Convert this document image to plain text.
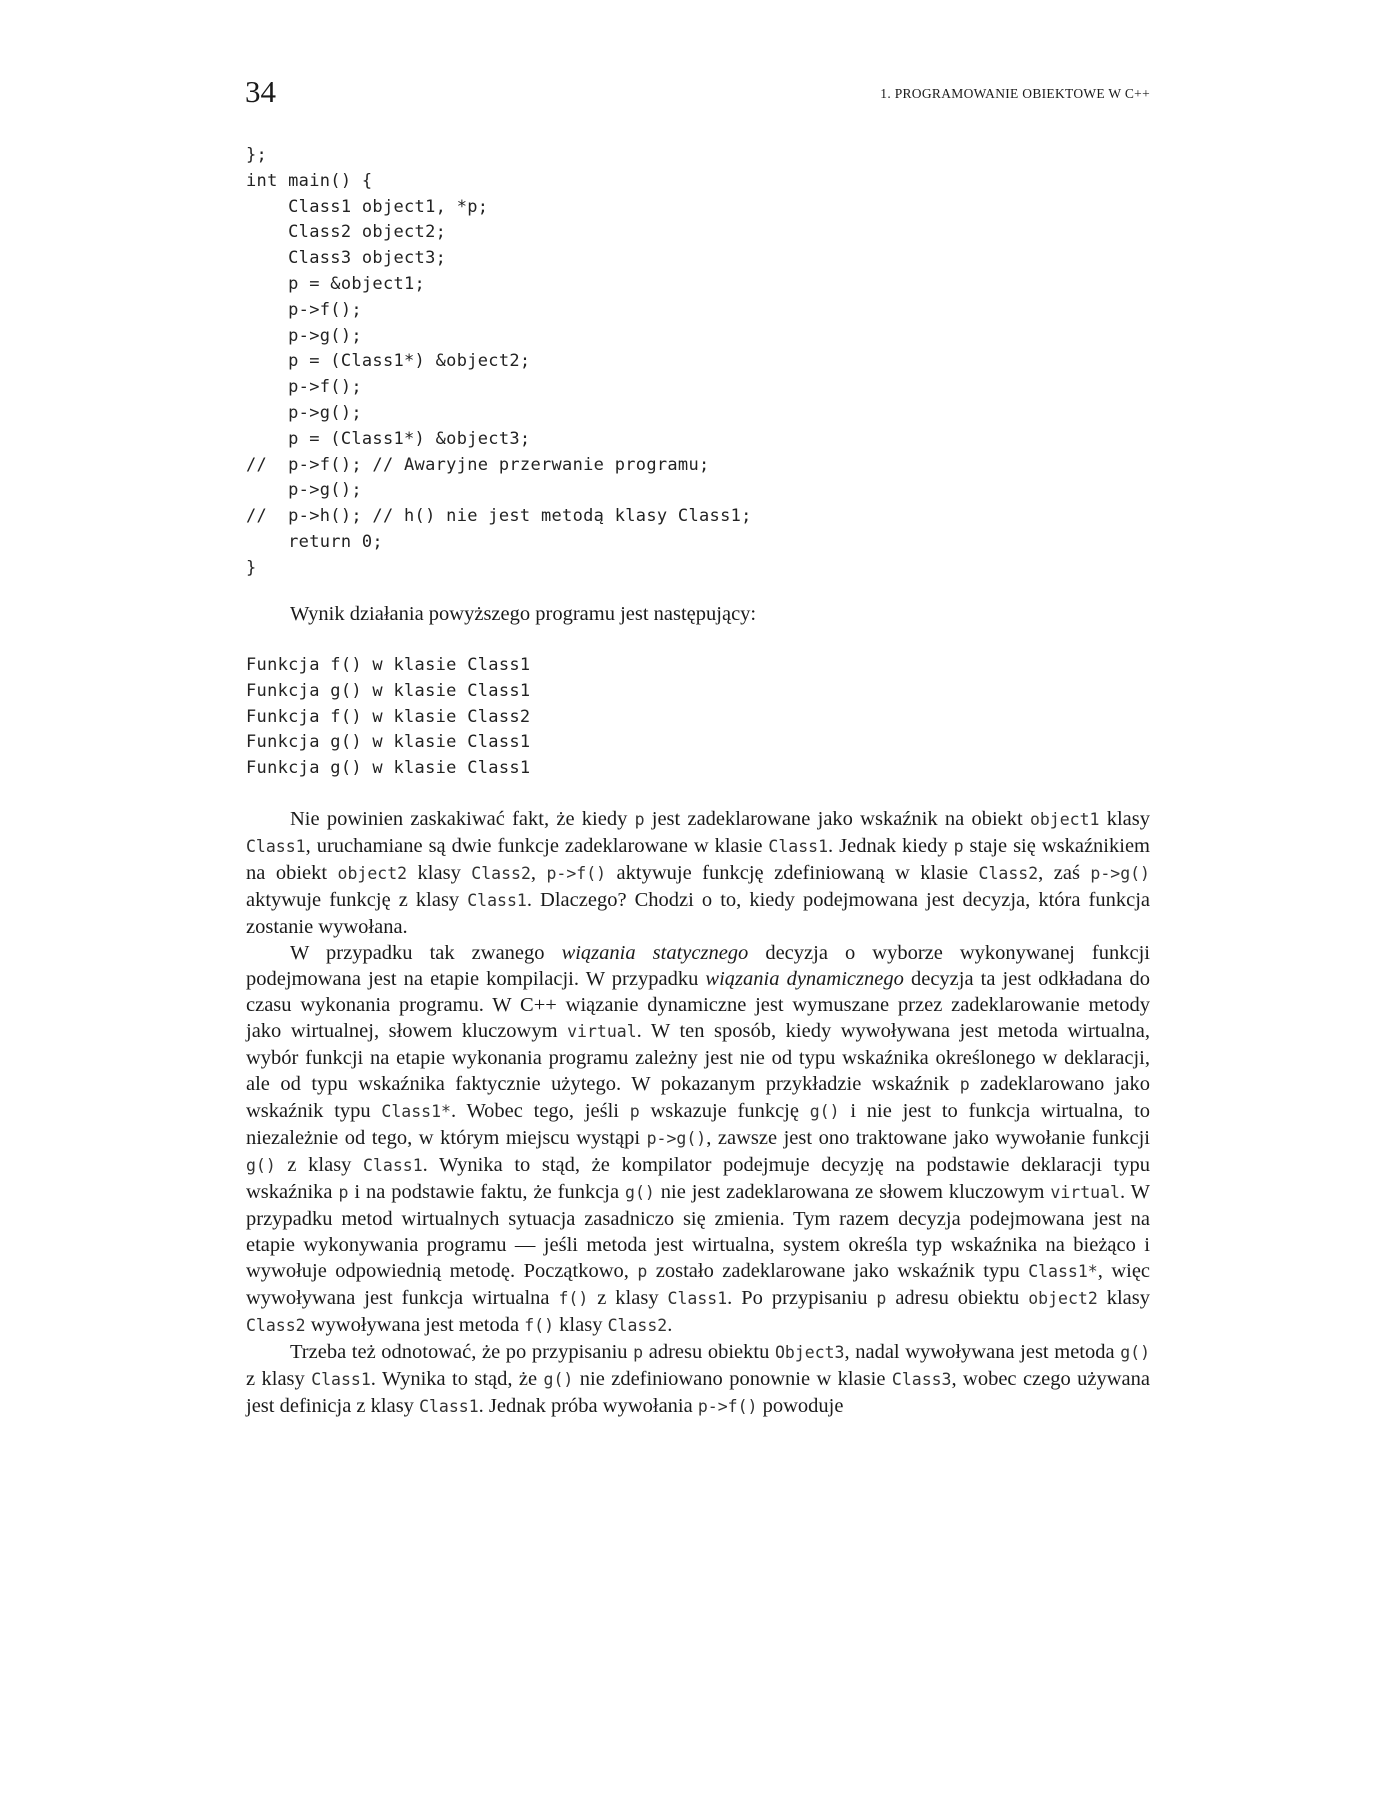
34	1. PROGRAMOWANIE OBIEKTOWE W C++
};
int main() {
Class1 object1, *p;
Class2 object2;
Class3 object3;
p = &object1;
p->f();
p->g();
p = (Class1*) &object2;
p->f();
p->g();
p = (Class1*) &object3;
//  p->f(); // Awaryjne przerwanie programu;
p->g();
//  p->h(); // h() nie jest metodą klasy Class1;
return 0;
}

Wynik działania powyższego programu jest następujący:

Funkcja f() w klasie Class1
Funkcja g() w klasie Class1
Funkcja f() w klasie Class2
Funkcja g() w klasie Class1
Funkcja g() w klasie Class1

Nie powinien zaskakiwać fakt, że kiedy p jest zadeklarowane jako wskaźnik na obiekt object1 klasy Class1, uruchamiane są dwie funkcje zadeklarowane w klasie Class1. Jednak kiedy p staje się wskaźnikiem na obiekt object2 klasy Class2, p->f() aktywuje funkcję zdefiniowaną w klasie Class2, zaś p->g() aktywuje funkcję z klasy Class1. Dlaczego? Chodzi o to, kiedy podejmowana jest decyzja, która funkcja zostanie wywołana.

W przypadku tak zwanego wiązania statycznego decyzja o wyborze wykonywanej funkcji podejmowana jest na etapie kompilacji. W przypadku wiązania dynamicznego decyzja ta jest odkładana do czasu wykonania programu. W C++ wiązanie dynamiczne jest wymuszane przez zadeklarowanie metody jako wirtualnej, słowem kluczowym virtual. W ten sposób, kiedy wywoływana jest metoda wirtualna, wybór funkcji na etapie wykonania programu zależny jest nie od typu wskaźnika określonego w deklaracji, ale od typu wskaźnika faktycznie użytego. W pokazanym przykładzie wskaźnik p zadeklarowano jako wskaźnik typu Class1*. Wobec tego, jeśli p wskazuje funkcję g() i nie jest to funkcja wirtualna, to niezależnie od tego, w którym miejscu wystąpi p->g(), zawsze jest ono traktowane jako wywołanie funkcji g() z klasy Class1. Wynika to stąd, że kompilator podejmuje decyzję na podstawie deklaracji typu wskaźnika p i na podstawie faktu, że funkcja g() nie jest zadeklarowana ze słowem kluczowym virtual. W przypadku metod wirtualnych sytuacja zasadniczo się zmienia. Tym razem decyzja podejmowana jest na etapie wykonywania programu — jeśli metoda jest wirtualna, system określa typ wskaźnika na bieżąco i wywołuje odpowiednią metodę. Początkowo, p zostało zadeklarowane jako wskaźnik typu Class1*, więc wywoływana jest funkcja wirtualna f() z klasy Class1. Po przypisaniu p adresu obiektu object2 klasy Class2 wywoływana jest metoda f() klasy Class2.

Trzeba też odnotować, że po przypisaniu p adresu obiektu Object3, nadal wywoływana jest metoda g() z klasy Class1. Wynika to stąd, że g() nie zdefiniowano ponownie w klasie Class3, wobec czego używana jest definicja z klasy Class1. Jednak próba wywołania p->f() powoduje
